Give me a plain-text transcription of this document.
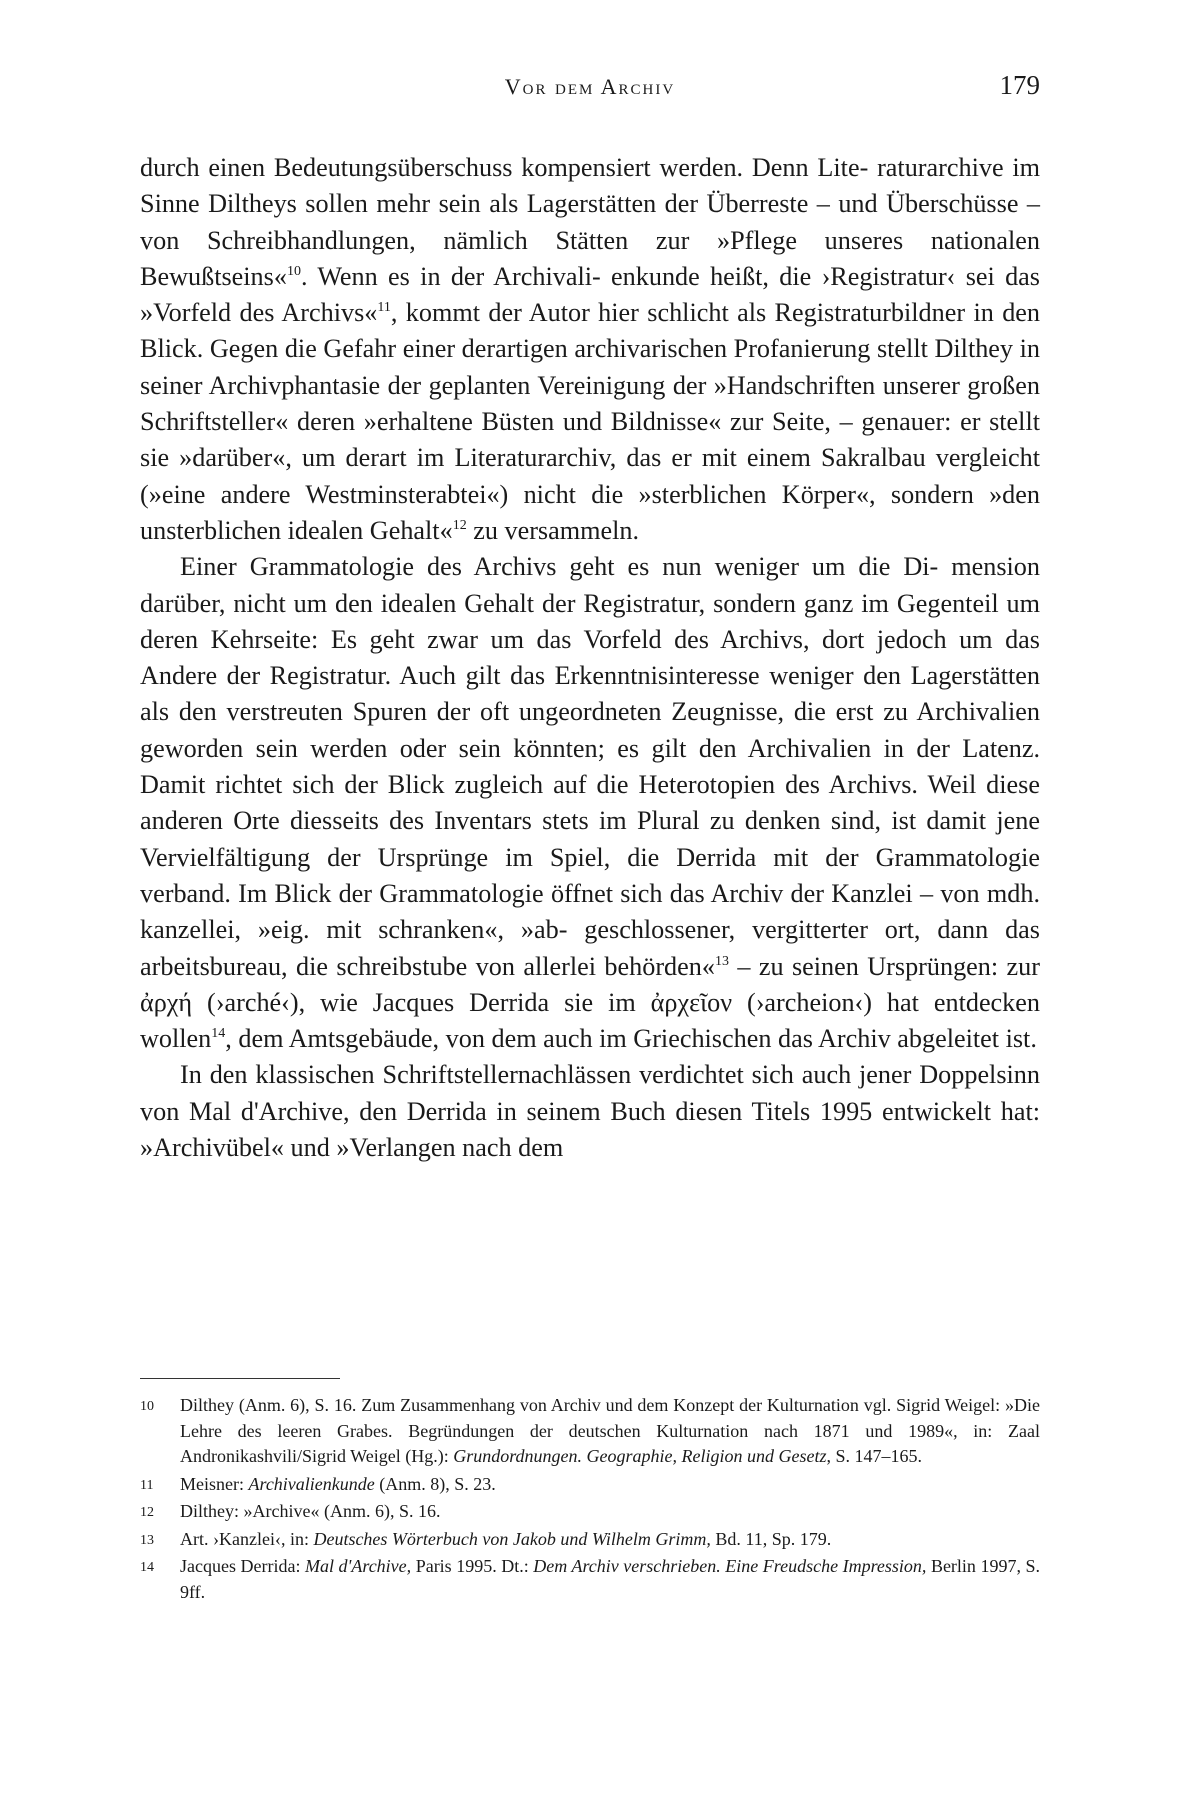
Vor dem Archiv	179

durch einen Bedeutungsüberschuss kompensiert werden. Denn Lite- raturarchive im Sinne Diltheys sollen mehr sein als Lagerstätten der Überreste – und Überschüsse – von Schreibhandlungen, nämlich Stätten zur »Pflege unseres nationalen Bewußtseins«$^{10}$. Wenn es in der Archivali- enkunde heißt, die ›Registratur‹ sei das »Vorfeld des Archivs«$^{11}$, kommt der Autor hier schlicht als Registraturbildner in den Blick. Gegen die Gefahr einer derartigen archivarischen Profanierung stellt Dilthey in seiner Archivphantasie der geplanten Vereinigung der »Handschriften unserer großen Schriftsteller« deren »erhaltene Büsten und Bildnisse« zur Seite, – genauer: er stellt sie »darüber«, um derart im Literaturarchiv, das er mit einem Sakralbau vergleicht (»eine andere Westminsterabtei«) nicht die »sterblichen Körper«, sondern »den unsterblichen idealen Gehalt«$^{12}$ zu versammeln.

Einer Grammatologie des Archivs geht es nun weniger um die Di- mension darüber, nicht um den idealen Gehalt der Registratur, sondern ganz im Gegenteil um deren Kehrseite: Es geht zwar um das Vorfeld des Archivs, dort jedoch um das Andere der Registratur. Auch gilt das Erkenntnisinteresse weniger den Lagerstätten als den verstreuten Spuren der oft ungeordneten Zeugnisse, die erst zu Archivalien geworden sein werden oder sein könnten; es gilt den Archivalien in der Latenz. Damit richtet sich der Blick zugleich auf die Heterotopien des Archivs. Weil diese anderen Orte diesseits des Inventars stets im Plural zu denken sind, ist damit jene Vervielfältigung der Ursprünge im Spiel, die Derrida mit der Grammatologie verband. Im Blick der Grammatologie öffnet sich das Archiv der Kanzlei – von mdh. kanzellei, »eig. mit schranken«, »ab- geschlossener, vergitterter ort, dann das arbeitsbureau, die schreibstube von allerlei behörden«$^{13}$ – zu seinen Ursprüngen: zur ἀρχή (›arché‹), wie Jacques Derrida sie im ἀρχεῖον (›archeion‹) hat entdecken wollen$^{14}$, dem Amtsgebäude, von dem auch im Griechischen das Archiv abgeleitet ist.

In den klassischen Schriftstellernachlässen verdichtet sich auch jener Doppelsinn von Mal d'Archive, den Derrida in seinem Buch diesen Titels 1995 entwickelt hat: »Archivübel« und »Verlangen nach dem

10 Dilthey (Anm. 6), S. 16. Zum Zusammenhang von Archiv und dem Konzept der Kulturnation vgl. Sigrid Weigel: »Die Lehre des leeren Grabes. Begründungen der deutschen Kulturnation nach 1871 und 1989«, in: Zaal Andronikashvili/Sigrid Weigel (Hg.): Grundordnungen. Geographie, Religion und Gesetz, S. 147–165.
11 Meisner: Archivalienkunde (Anm. 8), S. 23.
12 Dilthey: »Archive« (Anm. 6), S. 16.
13 Art. ›Kanzlei‹, in: Deutsches Wörterbuch von Jakob und Wilhelm Grimm, Bd. 11, Sp. 179.
14 Jacques Derrida: Mal d'Archive, Paris 1995. Dt.: Dem Archiv verschrieben. Eine Freudsche Impression, Berlin 1997, S. 9ff.
